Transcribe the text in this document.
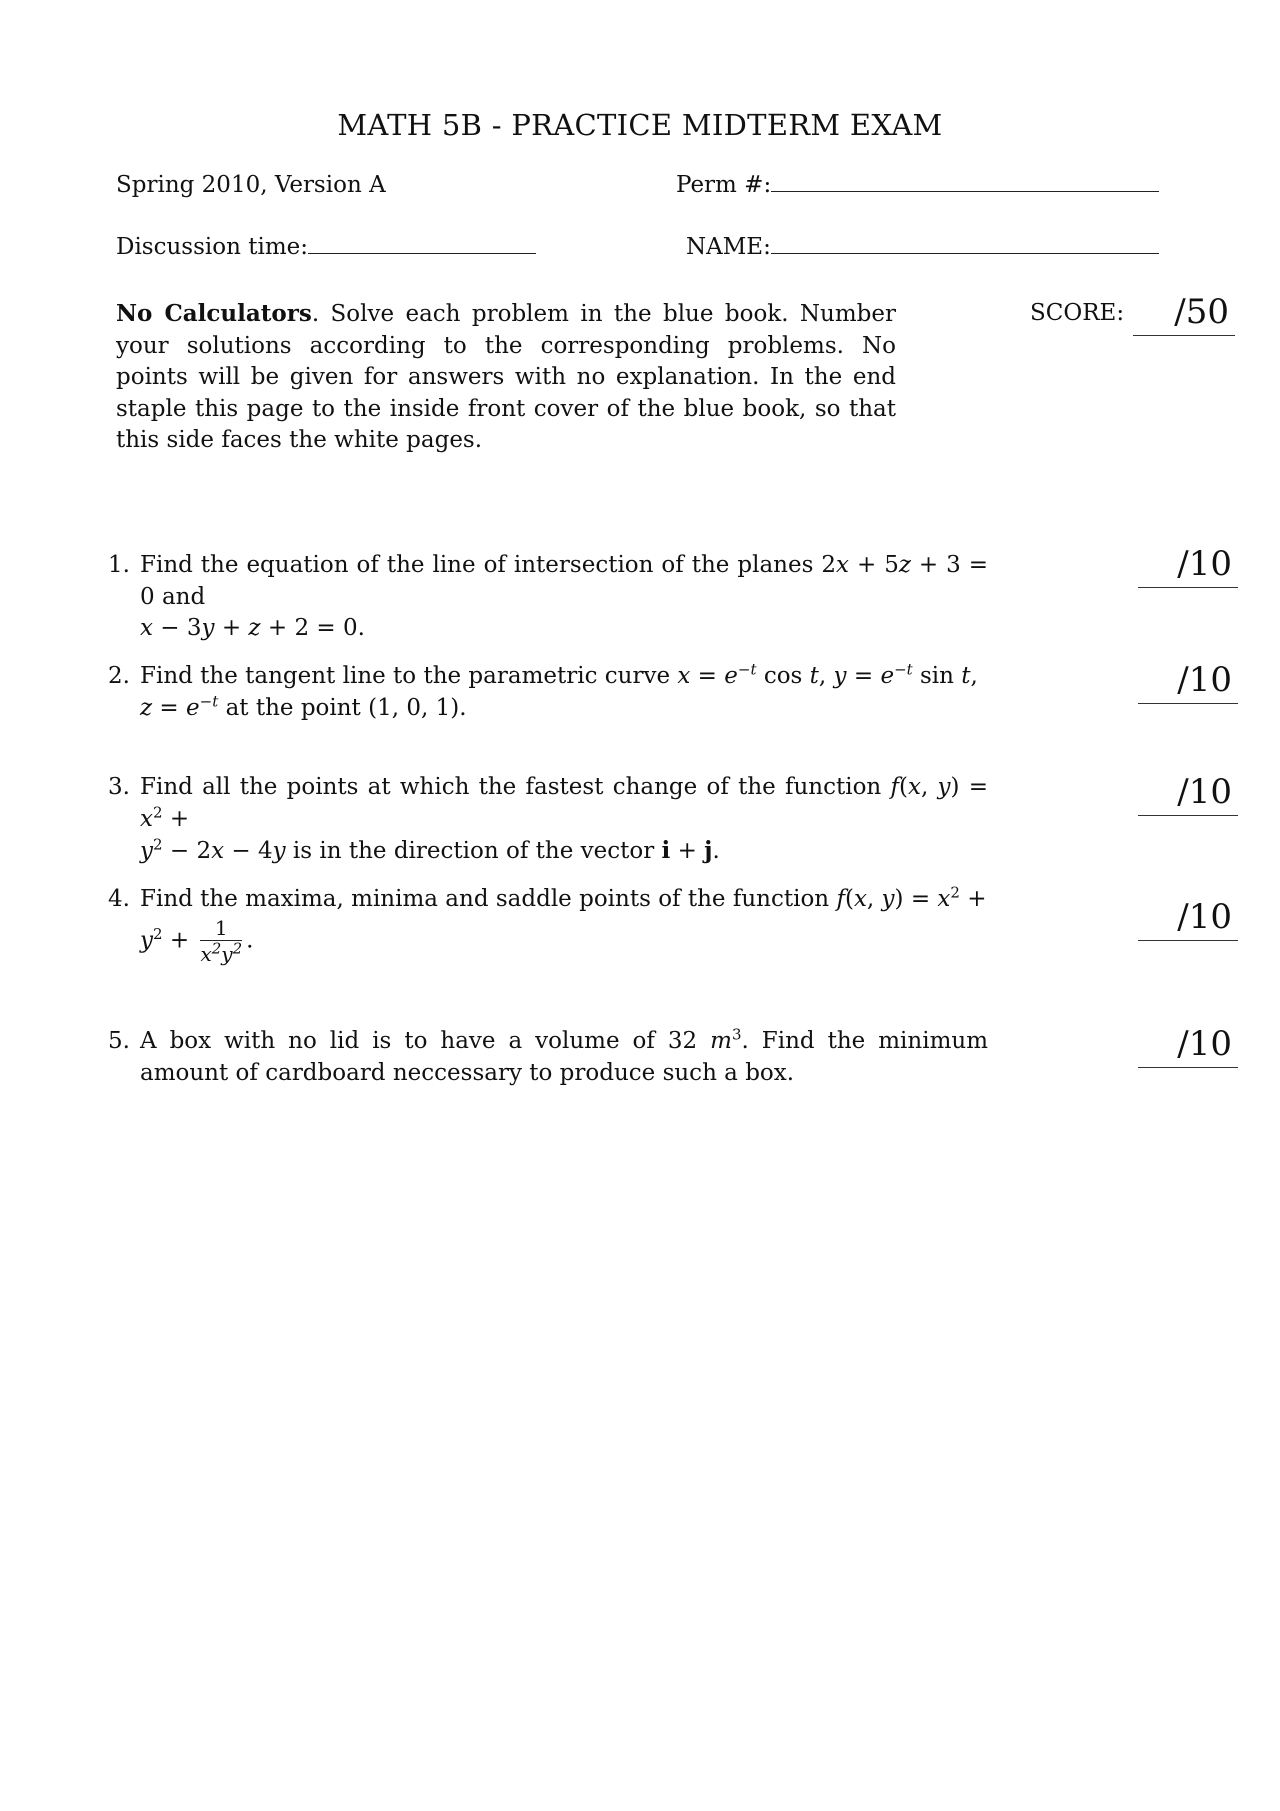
MATH 5B - PRACTICE MIDTERM EXAM
Spring 2010, Version A	Perm #:
Discussion time:	NAME:
No Calculators. Solve each problem in the blue book. Number your solutions according to the corresponding problems. No points will be given for answers with no explanation. In the end staple this page to the inside front cover of the blue book, so that this side faces the white pages.
SCORE:	/50
1. Find the equation of the line of intersection of the planes 2x + 5z + 3 = 0 and
x − 3y + z + 2 = 0.
/10
2. Find the tangent line to the parametric curve $x = e^{-t}$ cos t, $y = e^{-t}$ sin t,
$z = e^{-t}$ at the point (1, 0, 1).
/10
3. Find all the points at which the fastest change of the function f(x, $y) = x^2$ +
$y^2 - 2x - 4y$ is in the direction of the vector i + j.
/10
4. Find the maxima, minima and saddle points of the function f(x, $y) = x^2$ +
$y^2 + \frac{1}{x^2y^2}$ .
/10
5. A box with no lid is to have a volume of 32 $m^3$. Find the minimum amount of cardboard neccessary to produce such a box.
/10
